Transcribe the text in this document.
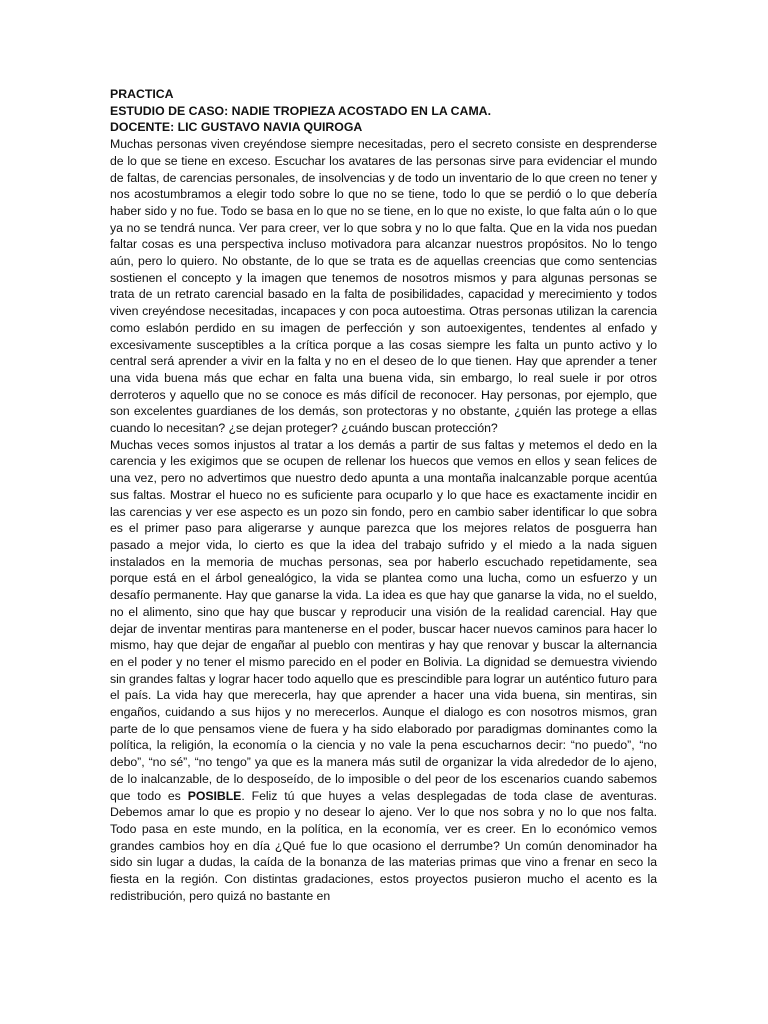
PRACTICA
ESTUDIO DE CASO: NADIE TROPIEZA ACOSTADO EN LA CAMA.
DOCENTE: LIC GUSTAVO NAVIA QUIROGA

Muchas personas viven creyéndose siempre necesitadas, pero el secreto consiste en desprenderse de lo que se tiene en exceso. Escuchar los avatares de las personas sirve para evidenciar el mundo de faltas, de carencias personales, de insolvencias y de todo un inventario de lo que creen no tener y nos acostumbramos a elegir todo sobre lo que no se tiene, todo lo que se perdió o lo que debería haber sido y no fue. Todo se basa en lo que no se tiene, en lo que no existe, lo que falta aún o lo que ya no se tendrá nunca. Ver para creer, ver lo que sobra y no lo que falta. Que en la vida nos puedan faltar cosas es una perspectiva incluso motivadora para alcanzar nuestros propósitos. No lo tengo aún, pero lo quiero. No obstante, de lo que se trata es de aquellas creencias que como sentencias sostienen el concepto y la imagen que tenemos de nosotros mismos y para algunas personas se trata de un retrato carencial basado en la falta de posibilidades, capacidad y merecimiento y todos viven creyéndose necesitadas, incapaces y con poca autoestima. Otras personas utilizan la carencia como eslabón perdido en su imagen de perfección y son autoexigentes, tendentes al enfado y excesivamente susceptibles a la crítica porque a las cosas siempre les falta un punto activo y lo central será aprender a vivir en la falta y no en el deseo de lo que tienen. Hay que aprender a tener una vida buena más que echar en falta una buena vida, sin embargo, lo real suele ir por otros derroteros y aquello que no se conoce es más difícil de reconocer. Hay personas, por ejemplo, que son excelentes guardianes de los demás, son protectoras y no obstante, ¿quién las protege a ellas cuando lo necesitan? ¿se dejan proteger? ¿cuándo buscan protección?

Muchas veces somos injustos al tratar a los demás a partir de sus faltas y metemos el dedo en la carencia y les exigimos que se ocupen de rellenar los huecos que vemos en ellos y sean felices de una vez, pero no advertimos que nuestro dedo apunta a una montaña inalcanzable porque acentúa sus faltas. Mostrar el hueco no es suficiente para ocuparlo y lo que hace es exactamente incidir en las carencias y ver ese aspecto es un pozo sin fondo, pero en cambio saber identificar lo que sobra es el primer paso para aligerarse y aunque parezca que los mejores relatos de posguerra han pasado a mejor vida, lo cierto es que la idea del trabajo sufrido y el miedo a la nada siguen instalados en la memoria de muchas personas, sea por haberlo escuchado repetidamente, sea porque está en el árbol genealógico, la vida se plantea como una lucha, como un esfuerzo y un desafío permanente. Hay que ganarse la vida. La idea es que hay que ganarse la vida, no el sueldo, no el alimento, sino que hay que buscar y reproducir una visión de la realidad carencial. Hay que dejar de inventar mentiras para mantenerse en el poder, buscar hacer nuevos caminos para hacer lo mismo, hay que dejar de engañar al pueblo con mentiras y hay que renovar y buscar la alternancia en el poder y no tener el mismo parecido en el poder en Bolivia. La dignidad se demuestra viviendo sin grandes faltas y lograr hacer todo aquello que es prescindible para lograr un auténtico futuro para el país. La vida hay que merecerla, hay que aprender a hacer una vida buena, sin mentiras, sin engaños, cuidando a sus hijos y no merecerlos. Aunque el dialogo es con nosotros mismos, gran parte de lo que pensamos viene de fuera y ha sido elaborado por paradigmas dominantes como la política, la religión, la economía o la ciencia y no vale la pena escucharnos decir: “no puedo”, “no debo”, “no sé”, “no tengo” ya que es la manera más sutil de organizar la vida alrededor de lo ajeno, de lo inalcanzable, de lo desposeído, de lo imposible o del peor de los escenarios cuando sabemos que todo es POSIBLE. Feliz tú que huyes a velas desplegadas de toda clase de aventuras. Debemos amar lo que es propio y no desear lo ajeno. Ver lo que nos sobra y no lo que nos falta. Todo pasa en este mundo, en la política, en la economía, ver es creer. En lo económico vemos grandes cambios hoy en día ¿Qué fue lo que ocasiono el derrumbe? Un común denominador ha sido sin lugar a dudas, la caída de la bonanza de las materias primas que vino a frenar en seco la fiesta en la región. Con distintas gradaciones, estos proyectos pusieron mucho el acento es la redistribución, pero quizá no bastante en
